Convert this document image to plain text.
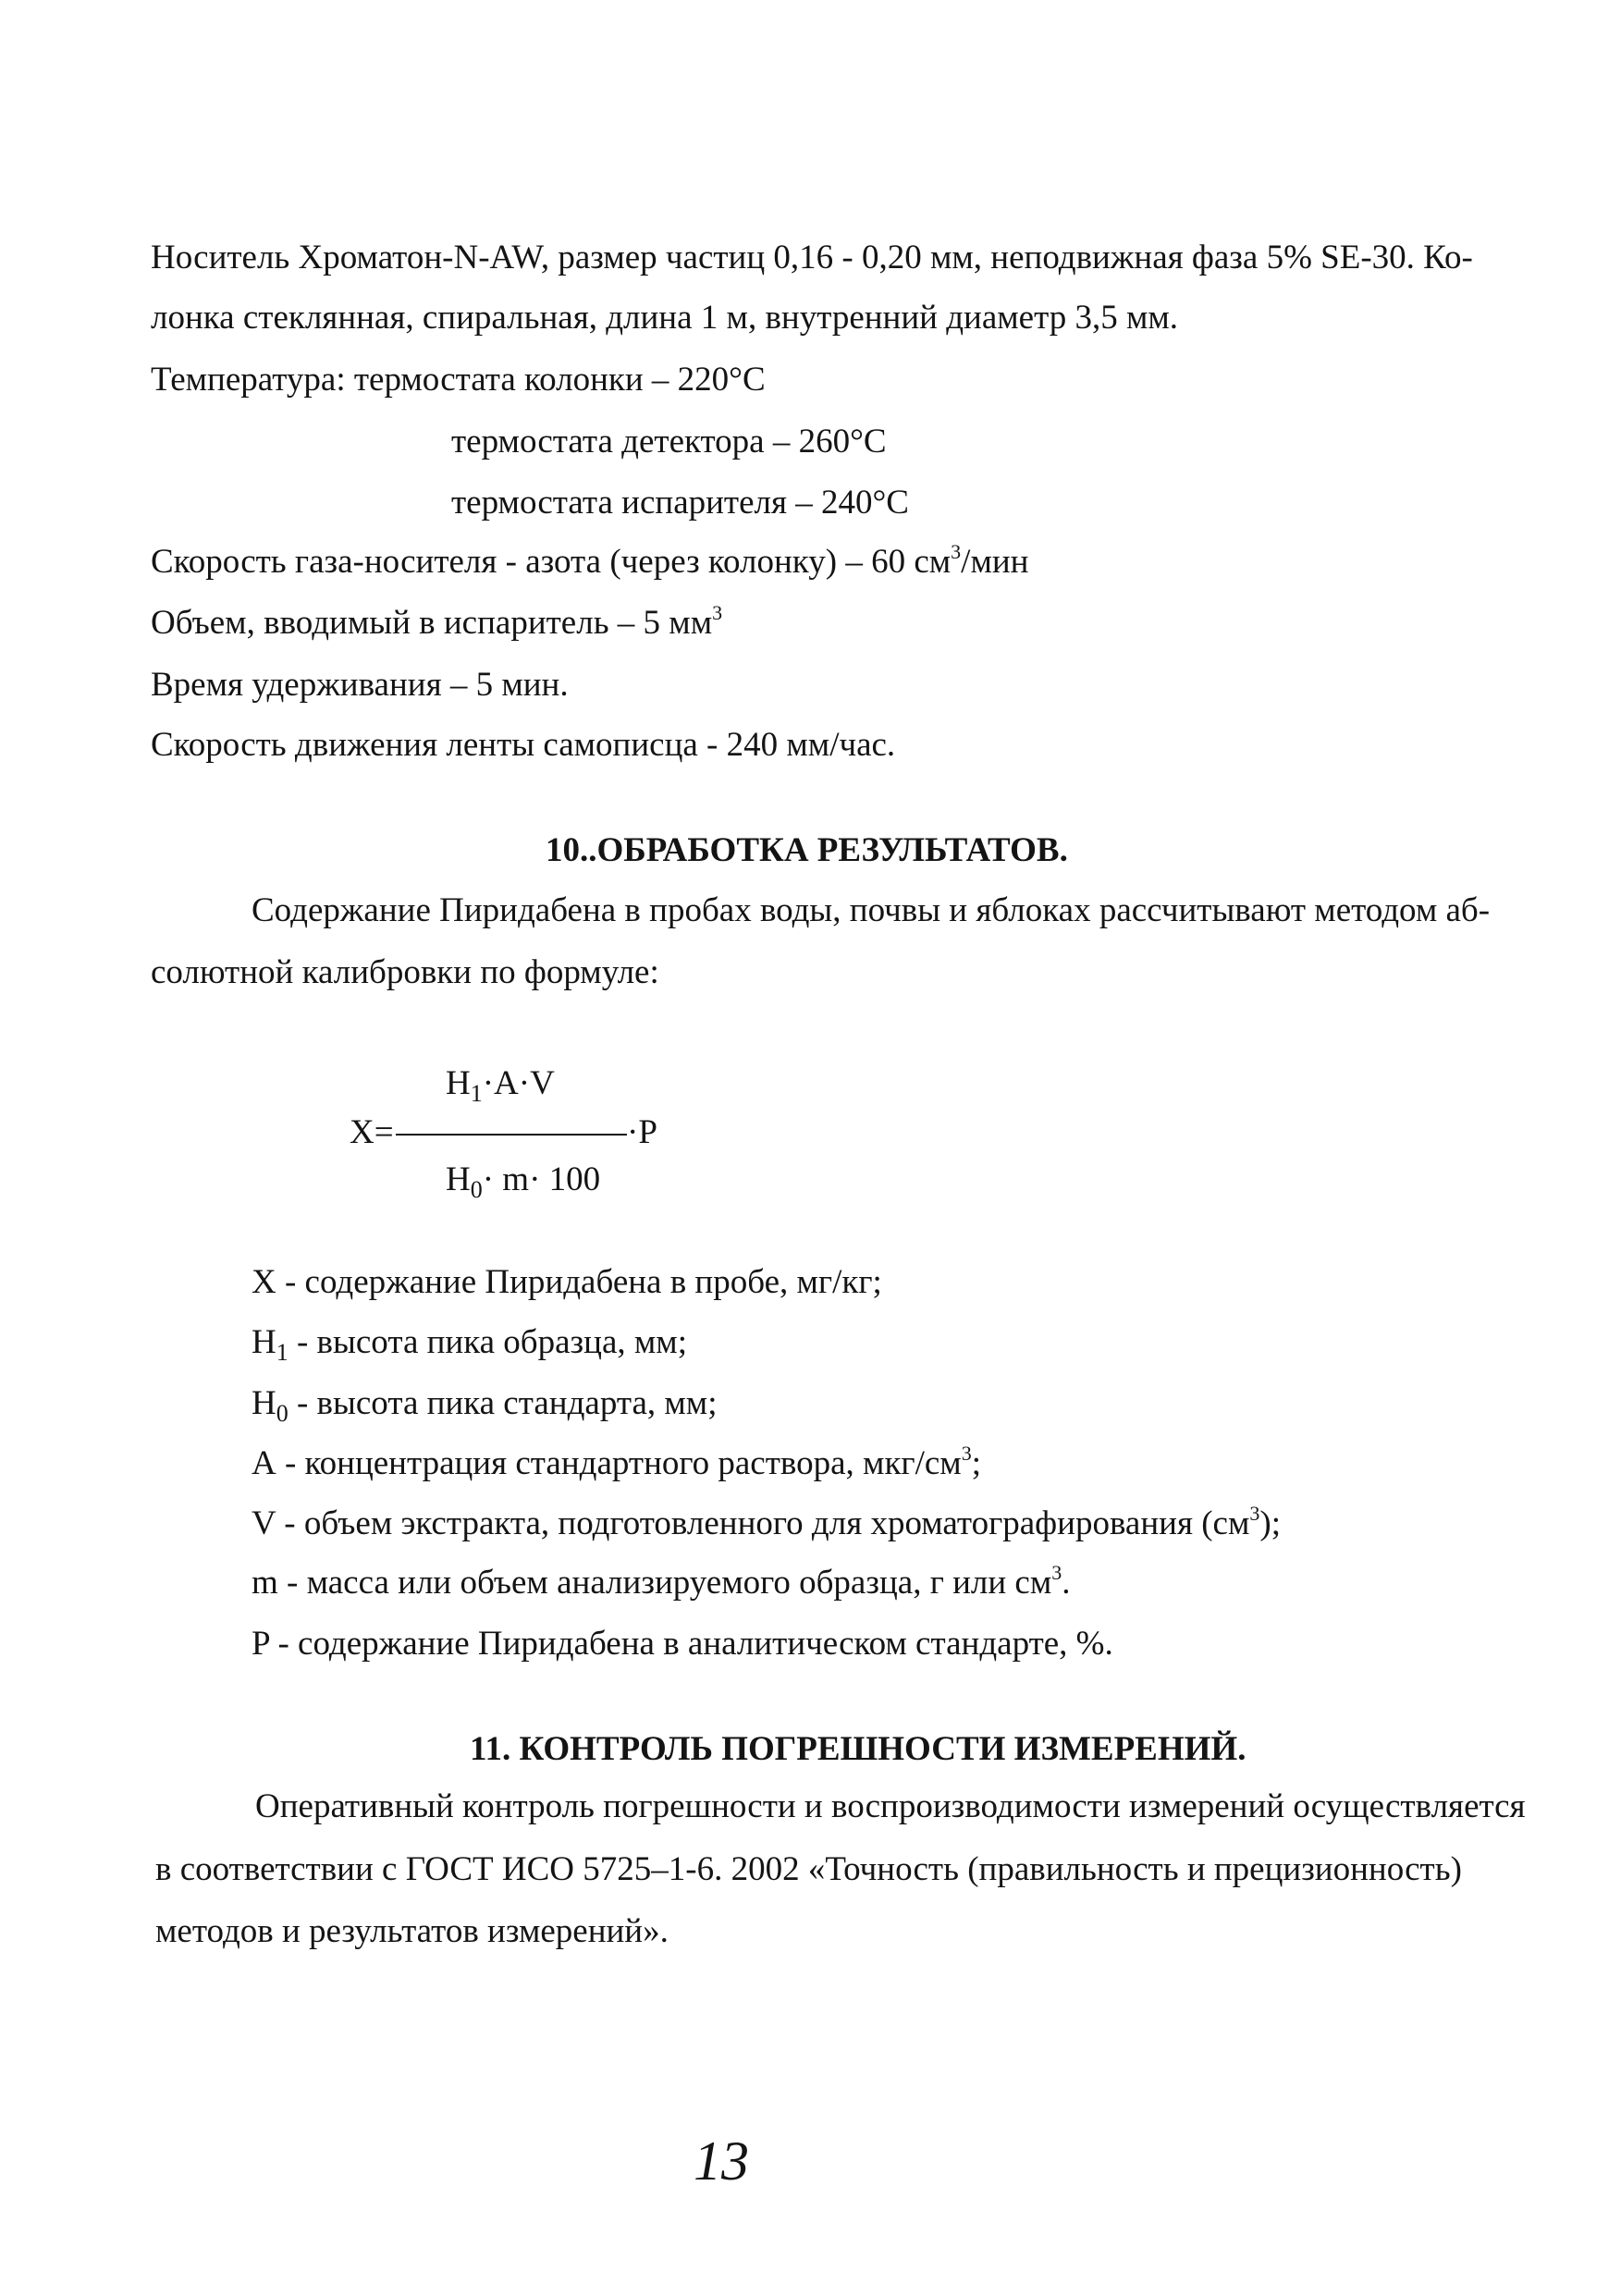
Носитель Хроматон-N-AW, размер частиц 0,16 - 0,20 мм, неподвижная фаза 5% SE-30. Ко-
лонка стеклянная, спиральная, длина 1 м, внутренний диаметр 3,5 мм.
Температура: термостата колонки – 220°С
термостата детектора – 260°С
термостата испарителя – 240°С
Скорость газа-носителя - азота (через колонку) – 60 $см^3$/мин
Объем, вводимый в испаритель – 5 $мм^3$
Время удерживания – 5 мин.
Скорость движения ленты самописца - 240 мм/час.
10..ОБРАБОТКА РЕЗУЛЬТАТОВ.
Содержание Пиридабена в пробах воды, почвы и яблоках рассчитывают методом аб-
солютной калибровки по формуле:
$H_1\cdot A\cdot V$
X=	·P
$H_0\cdot m\cdot 100$
X - содержание Пиридабена в пробе, мг/кг;
$H_1$ - высота пика образца, мм;
$H_0$ - высота пика стандарта, мм;
А - концентрация стандартного раствора, мкг/$см^3$;
V - объем экстракта, подготовленного для хроматографирования $(см^3)$;
m - масса или объем анализируемого образца, г или $см^3$.
P - содержание Пиридабена в аналитическом стандарте, %.
11. КОНТРОЛЬ ПОГРЕШНОСТИ ИЗМЕРЕНИЙ.
Оперативный контроль погрешности и воспроизводимости измерений осуществляется
в соответствии с ГОСТ ИСО 5725–1-6. 2002 «Точность (правильность и прецизионность)
методов и результатов измерений».
13
